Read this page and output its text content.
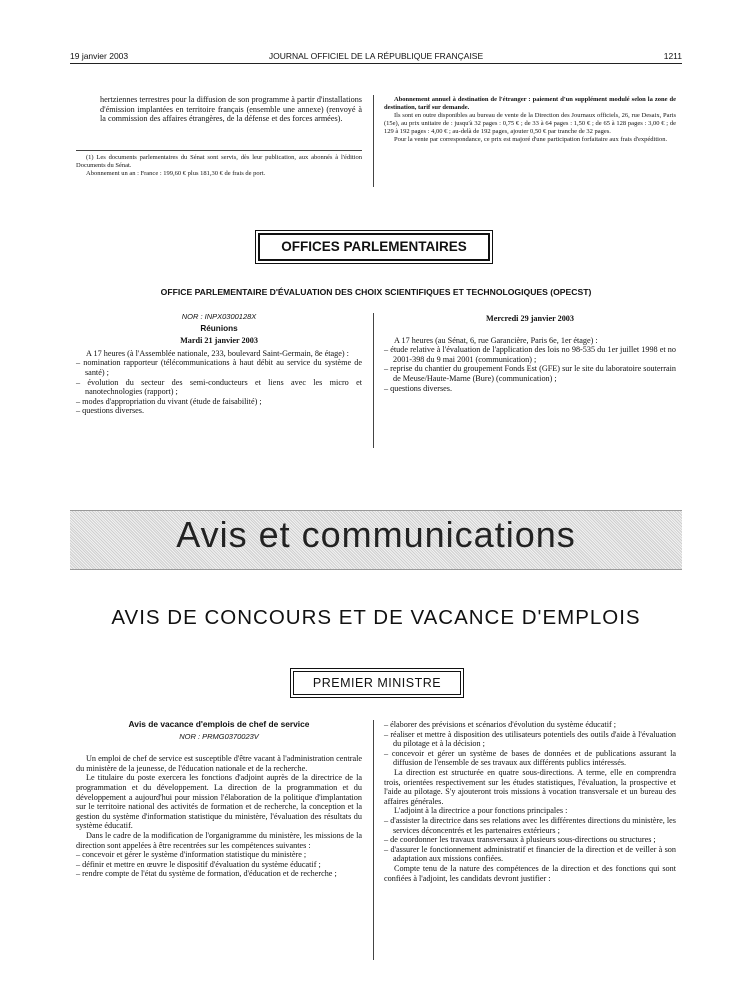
19 janvier 2003	JOURNAL OFFICIEL DE LA RÉPUBLIQUE FRANÇAISE	1211

hertziennes terrestres pour la diffusion de son programme à partir d'installations d'émission implantées en territoire français (ensemble une annexe) (renvoyé à la commission des affaires étrangères, de la défense et des forces armées).

(1) Les documents parlementaires du Sénat sont servis, dès leur publication, aux abonnés à l'édition Documents du Sénat.

Abonnement un an : France : 199,60 € plus 181,30 € de frais de port.

Abonnement annuel à destination de l'étranger : paiement d'un supplément modulé selon la zone de destination, tarif sur demande.

Ils sont en outre disponibles au bureau de vente de la Direction des Journaux officiels, 26, rue Desaix, Paris (15e), au prix unitaire de : jusqu'à 32 pages : 0,75 € ; de 33 à 64 pages : 1,50 € ; de 65 à 128 pages : 3,00 € ; de 129 à 192 pages : 4,00 € ; au-delà de 192 pages, ajouter 0,50 € par tranche de 32 pages.

Pour la vente par correspondance, ce prix est majoré d'une participation forfaitaire aux frais d'expédition.

OFFICES PARLEMENTAIRES
OFFICE PARLEMENTAIRE D'ÉVALUATION DES CHOIX SCIENTIFIQUES ET TECHNOLOGIQUES (OPECST)

NOR : INPX0300128X

Réunions

Mardi 21 janvier 2003

A 17 heures (à l'Assemblée nationale, 233, boulevard Saint-Germain, 8e étage) :

– nomination rapporteur (télécommunications à haut débit au service du système de santé) ;
– évolution du secteur des semi-conducteurs et liens avec les micro et nanotechnologies (rapport) ;
– modes d'appropriation du vivant (étude de faisabilité) ;
– questions diverses.

Mercredi 29 janvier 2003

A 17 heures (au Sénat, 6, rue Garancière, Paris 6e, 1er étage) :

– étude relative à l'évaluation de l'application des lois no 98-535 du 1er juillet 1998 et no 2001-398 du 9 mai 2001 (communication) ;
– reprise du chantier du groupement Fonds Est (GFE) sur le site du laboratoire souterrain de Meuse/Haute-Marne (Bure) (communication) ;
– questions diverses.
Avis et communications
AVIS DE CONCOURS ET DE VACANCE D'EMPLOIS
PREMIER MINISTRE

Avis de vacance d'emplois de chef de service

NOR : PRMG0370023V

Un emploi de chef de service est susceptible d'être vacant à l'administration centrale du ministère de la jeunesse, de l'éducation nationale et de la recherche.

Le titulaire du poste exercera les fonctions d'adjoint auprès de la directrice de la programmation et du développement. La direction de la programmation et du développement a aujourd'hui pour mission l'élaboration de la politique d'implantation sur le territoire national des activités de formation et de recherche, la conception et la gestion du système d'information statistique du ministère, l'évaluation des résultats du système éducatif.

Dans le cadre de la modification de l'organigramme du ministère, les missions de la direction sont appelées à être recentrées sur les compétences suivantes :

– concevoir et gérer le système d'information statistique du ministère ;
– définir et mettre en œuvre le dispositif d'évaluation du système éducatif ;
– rendre compte de l'état du système de formation, d'éducation et de recherche ;
– élaborer des prévisions et scénarios d'évolution du système éducatif ;
– réaliser et mettre à disposition des utilisateurs potentiels des outils d'aide à l'évaluation du pilotage et à la décision ;
– concevoir et gérer un système de bases de données et de publications assurant la diffusion de l'ensemble de ses travaux aux différents publics intéressés.

La direction est structurée en quatre sous-directions. A terme, elle en comprendra trois, orientées respectivement sur les études statistiques, l'évaluation, la prospective et l'aide au pilotage. S'y ajouteront trois missions à vocation transversale et un bureau des affaires générales.

L'adjoint à la directrice a pour fonctions principales :

– d'assister la directrice dans ses relations avec les différentes directions du ministère, les services déconcentrés et les partenaires extérieurs ;
– de coordonner les travaux transversaux à plusieurs sous-directions ou structures ;
– d'assurer le fonctionnement administratif et financier de la direction et de veiller à son adaptation aux missions confiées.

Compte tenu de la nature des compétences de la direction et des fonctions qui sont confiées à l'adjoint, les candidats devront justifier :
